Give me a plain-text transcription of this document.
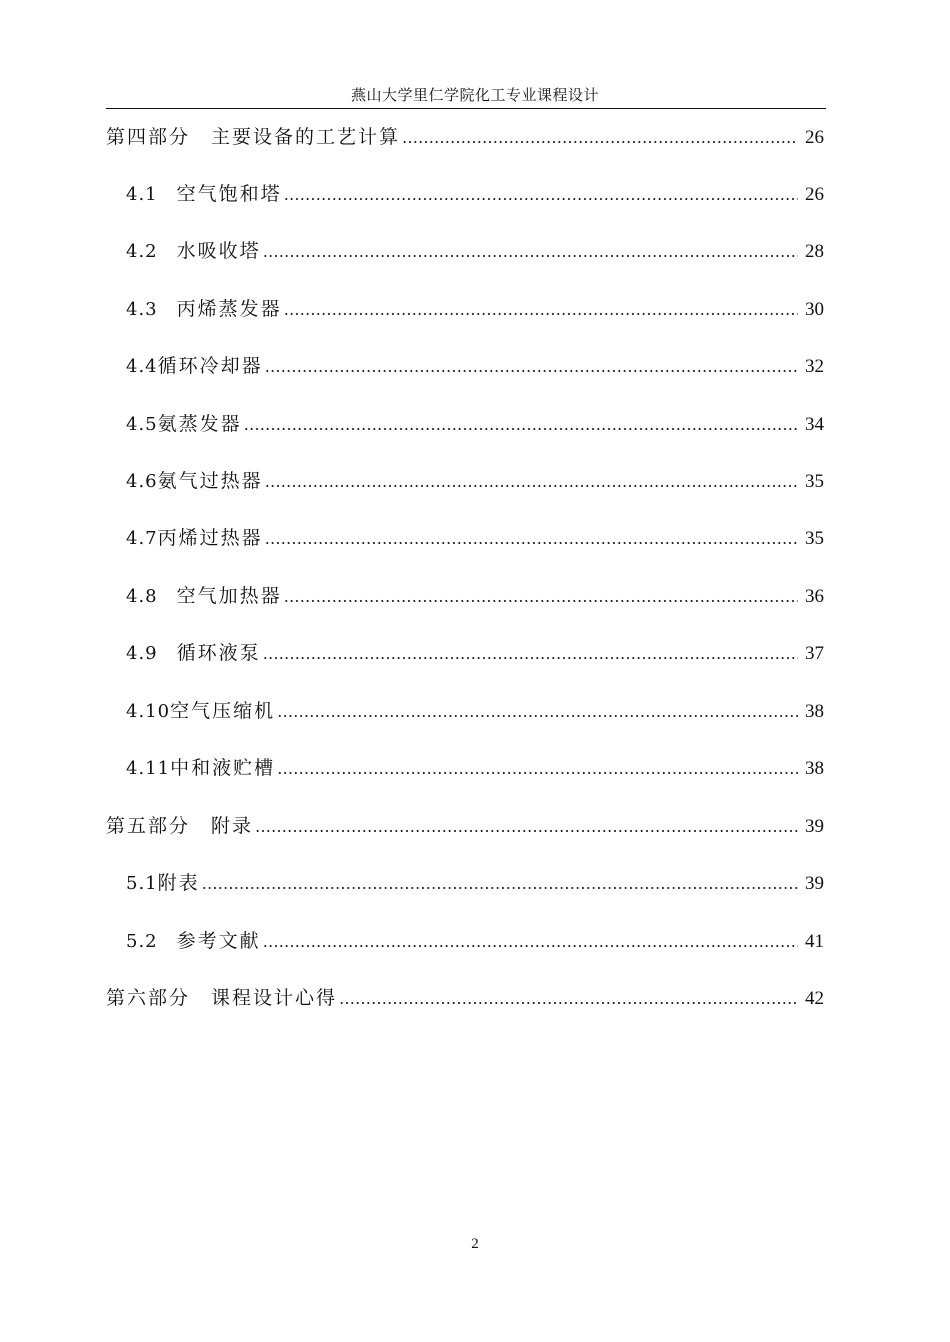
燕山大学里仁学院化工专业课程设计
第四部分　主要设备的工艺计算 ………………………………………………………………………………………………………………………………………………………………………………………………………………………………	26
4.1　 空气饱和塔 ………………………………………………………………………………………………………………………………………………………………………………………………………………………………	26
4.2　 水吸收塔 ………………………………………………………………………………………………………………………………………………………………………………………………………………………………	28
4.3　 丙烯蒸发器 ………………………………………………………………………………………………………………………………………………………………………………………………………………………………	30
4.4 循环冷却器 ………………………………………………………………………………………………………………………………………………………………………………………………………………………………	32
4.5 氨蒸发器 ………………………………………………………………………………………………………………………………………………………………………………………………………………………………	34
4.6 氨气过热器 ………………………………………………………………………………………………………………………………………………………………………………………………………………………………	35
4.7 丙烯过热器 ………………………………………………………………………………………………………………………………………………………………………………………………………………………………	35
4.8　 空气加热器 ………………………………………………………………………………………………………………………………………………………………………………………………………………………………	36
4.9　 循环液泵 ………………………………………………………………………………………………………………………………………………………………………………………………………………………………	37
4.10 空气压缩机 ………………………………………………………………………………………………………………………………………………………………………………………………………………………………	38
4.11 中和液贮槽 ………………………………………………………………………………………………………………………………………………………………………………………………………………………………	38
第五部分　附录 ………………………………………………………………………………………………………………………………………………………………………………………………………………………………	39
5.1 附表 ………………………………………………………………………………………………………………………………………………………………………………………………………………………………	39
5.2　 参考文献 ………………………………………………………………………………………………………………………………………………………………………………………………………………………………	41
第六部分　课程设计心得 ………………………………………………………………………………………………………………………………………………………………………………………………………………………………	42
2
